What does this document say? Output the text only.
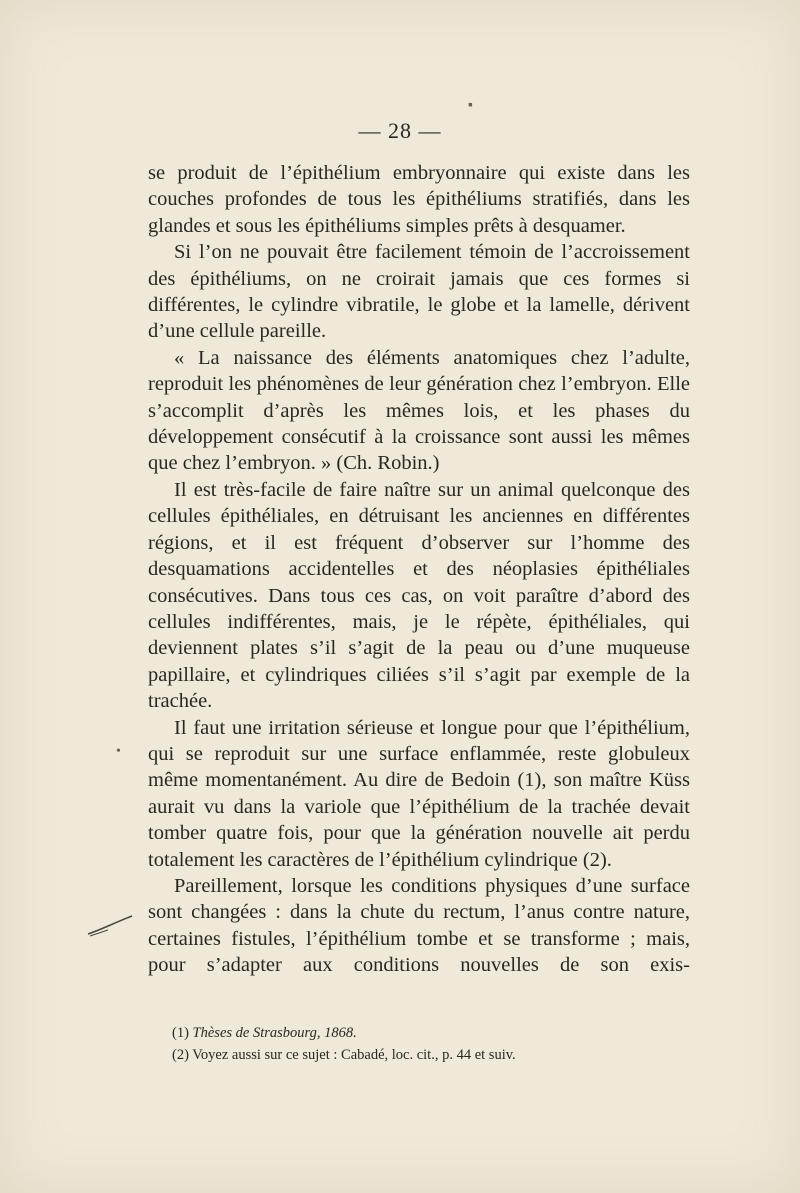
— 28 —

se produit de l’épithélium embryonnaire qui existe dans les couches profondes de tous les épithéliums stratifiés, dans les glandes et sous les épithéliums simples prêts à desquamer.

Si l’on ne pouvait être facilement témoin de l’accroissement des épithéliums, on ne croirait jamais que ces formes si différentes, le cylindre vibratile, le globe et la lamelle, dérivent d’une cellule pareille.

« La naissance des éléments anatomiques chez l’adulte, reproduit les phénomènes de leur génération chez l’embryon. Elle s’accomplit d’après les mêmes lois, et les phases du développement consécutif à la croissance sont aussi les mêmes que chez l’embryon. » (Ch. Robin.)

Il est très-facile de faire naître sur un animal quelconque des cellules épithéliales, en détruisant les anciennes en différentes régions, et il est fréquent d’observer sur l’homme des desquamations accidentelles et des néoplasies épithéliales consécutives. Dans tous ces cas, on voit paraître d’abord des cellules indifférentes, mais, je le répète, épithéliales, qui deviennent plates s’il s’agit de la peau ou d’une muqueuse papillaire, et cylindriques ciliées s’il s’agit par exemple de la trachée.

Il faut une irritation sérieuse et longue pour que l’épithélium, qui se reproduit sur une surface enflammée, reste globuleux même momentanément. Au dire de Bedoin (1), son maître Küss aurait vu dans la variole que l’épithélium de la trachée devait tomber quatre fois, pour que la génération nouvelle ait perdu totalement les caractères de l’épithélium cylindrique (2).

Pareillement, lorsque les conditions physiques d’une surface sont changées : dans la chute du rectum, l’anus contre nature, certaines fistules, l’épithélium tombe et se transforme ; mais, pour s’adapter aux conditions nouvelles de son exis-

(1) Thèses de Strasbourg, 1868.
(2) Voyez aussi sur ce sujet : Cabadé, loc. cit., p. 44 et suiv.
▪
•
